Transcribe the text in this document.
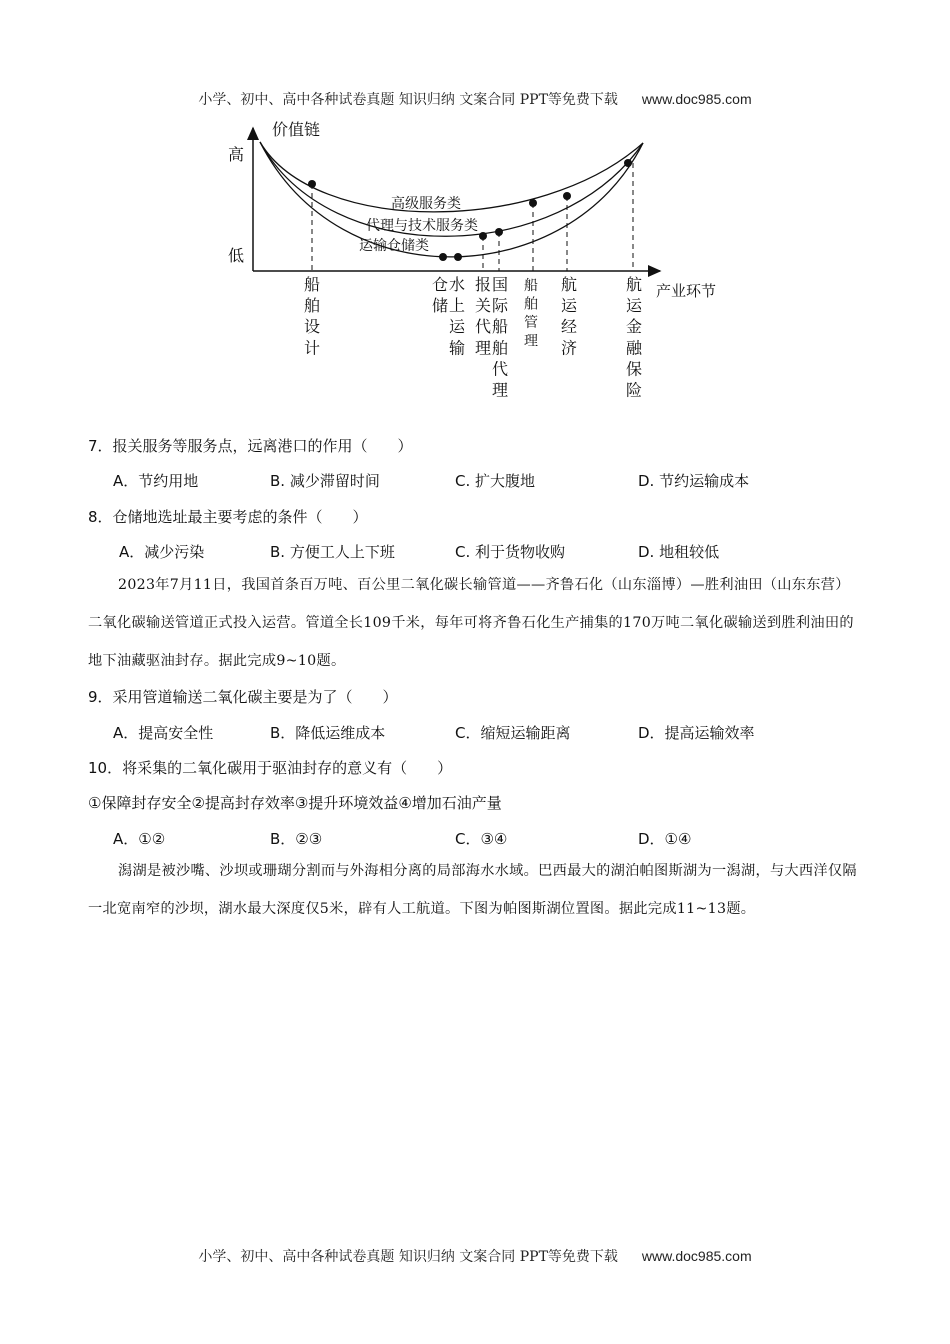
小学、初中、高中各种试卷真题 知识归纳 文案合同 PPT等免费下载 www.doc985.com
价值链
高
低
产业环节
高级服务类
代理与技术服务类
运输仓储类
船舶设计
仓储
水上运输
报关代理
国际船舶代理
船舶管理
航运经济
航运金融保险
7．报关服务等服务点，远离港口的作用（　　）
A．节约用地	B. 减少滞留时间	C. 扩大腹地	D. 节约运输成本
8．仓储地选址最主要考虑的条件（　　）
A．减少污染	B. 方便工人上下班	C. 利于货物收购	D. 地租较低
2023年7月11日，我国首条百万吨、百公里二氧化碳长输管道——齐鲁石化（山东淄博）—胜利油田（山东东营）二氧化碳输送管道正式投入运营。管道全长109千米，每年可将齐鲁石化生产捕集的170万吨二氧化碳输送到胜利油田的地下油藏驱油封存。据此完成9~10题。
9．采用管道输送二氧化碳主要是为了（　　）
A．提高安全性	B．降低运维成本	C．缩短运输距离	D．提高运输效率
10．将采集的二氧化碳用于驱油封存的意义有（　　）
①保障封存安全②提高封存效率③提升环境效益④增加石油产量
A．①②	B．②③	C．③④	D．①④
潟湖是被沙嘴、沙坝或珊瑚分割而与外海相分离的局部海水水域。巴西最大的湖泊帕图斯湖为一潟湖，与大西洋仅隔一北宽南窄的沙坝，湖水最大深度仅5米，辟有人工航道。下图为帕图斯湖位置图。据此完成11~13题。
小学、初中、高中各种试卷真题 知识归纳 文案合同 PPT等免费下载 www.doc985.com
